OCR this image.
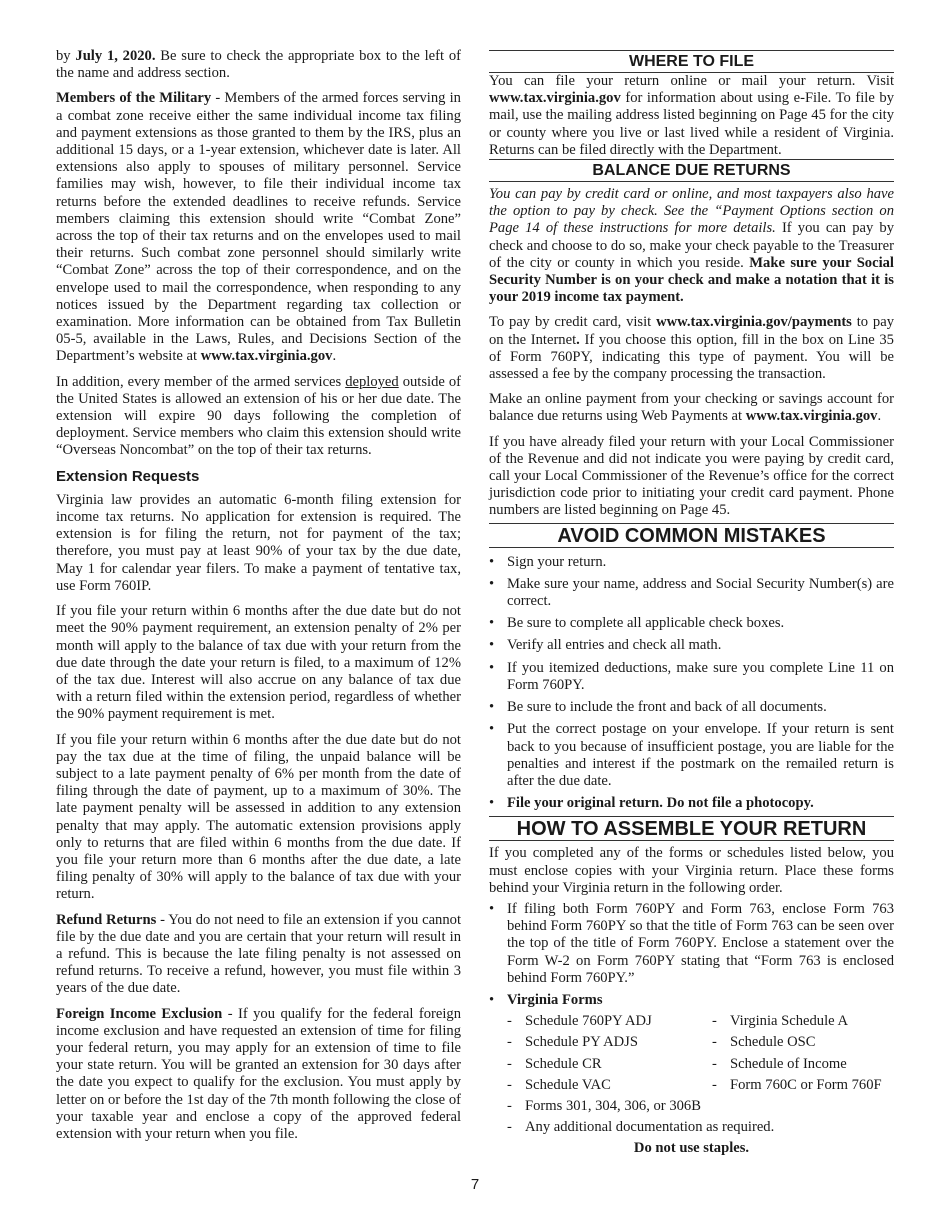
by July 1, 2020. Be sure to check the appropriate box to the left of the name and address section.

Members of the Military - Members of the armed forces serving in a combat zone receive either the same individual income tax filing and payment extensions as those granted to them by the IRS, plus an additional 15 days, or a 1-year extension, whichever date is later. All extensions also apply to spouses of military personnel. Service families may wish, however, to file their individual income tax returns before the extended deadlines to receive refunds. Service members claiming this extension should write “Combat Zone” across the top of their tax returns and on the envelopes used to mail their returns. Such combat zone personnel should similarly write “Combat Zone” across the top of their correspondence, and on the envelope used to mail the correspondence, when responding to any notices issued by the Department regarding tax collection or examination. More information can be obtained from Tax Bulletin 05-5, available in the Laws, Rules, and Decisions Section of the Department’s website at www.tax.virginia.gov.

In addition, every member of the armed services deployed outside of the United States is allowed an extension of his or her due date. The extension will expire 90 days following the completion of deployment. Service members who claim this extension should write “Overseas Noncombat” on the top of their tax returns.

Extension Requests

Virginia law provides an automatic 6-month filing extension for income tax returns. No application for extension is required. The extension is for filing the return, not for payment of the tax; therefore, you must pay at least 90% of your tax by the due date, May 1 for calendar year filers. To make a payment of tentative tax, use Form 760IP.

If you file your return within 6 months after the due date but do not meet the 90% payment requirement, an extension penalty of 2% per month will apply to the balance of tax due with your return from the due date through the date your return is filed, to a maximum of 12% of the tax due. Interest will also accrue on any balance of tax due with a return filed within the extension period, regardless of whether the 90% payment requirement is met.

If you file your return within 6 months after the due date but do not pay the tax due at the time of filing, the unpaid balance will be subject to a late payment penalty of 6% per month from the date of filing through the date of payment, up to a maximum of 30%. The late payment penalty will be assessed in addition to any extension penalty that may apply. The automatic extension provisions apply only to returns that are filed within 6 months from the due date. If you file your return more than 6 months after the due date, a late filing penalty of 30% will apply to the balance of tax due with your return.

Refund Returns - You do not need to file an extension if you cannot file by the due date and you are certain that your return will result in a refund. This is because the late filing penalty is not assessed on refund returns. To receive a refund, however, you must file within 3 years of the due date.

Foreign Income Exclusion - If you qualify for the federal foreign income exclusion and have requested an extension of time for filing your federal return, you may apply for an extension of time to file your state return. You will be granted an extension for 30 days after the date you expect to qualify for the exclusion. You must apply by letter on or before the 1st day of the 7th month following the close of your taxable year and enclose a copy of the approved federal extension with your return when you file.

WHERE TO FILE

You can file your return online or mail your return. Visit www.tax.virginia.gov for information about using e-File. To file by mail, use the mailing address listed beginning on Page 45 for the city or county where you live or last lived while a resident of Virginia. Returns can be filed directly with the Department.

BALANCE DUE RETURNS

You can pay by credit card or online, and most taxpayers also have the option to pay by check. See the “Payment Options section on Page 14 of these instructions for more details. If you can pay by check and choose to do so, make your check payable to the Treasurer of the city or county in which you reside. Make sure your Social Security Number is on your check and make a notation that it is your 2019 income tax payment.

To pay by credit card, visit www.tax.virginia.gov/payments to pay on the Internet. If you choose this option, fill in the box on Line 35 of Form 760PY, indicating this type of payment. You will be assessed a fee by the company processing the transaction.

Make an online payment from your checking or savings account for balance due returns using Web Payments at www.tax.virginia.gov.

If you have already filed your return with your Local Commissioner of the Revenue and did not indicate you were paying by credit card, call your Local Commissioner of the Revenue’s office for the correct jurisdiction code prior to initiating your credit card payment. Phone numbers are listed beginning on Page 45.

AVOID COMMON MISTAKES
• Sign your return.
• Make sure your name, address and Social Security Number(s) are correct.
• Be sure to complete all applicable check boxes.
• Verify all entries and check all math.
• If you itemized deductions, make sure you complete Line 11 on Form 760PY.
• Be sure to include the front and back of all documents.
• Put the correct postage on your envelope. If your return is sent back to you because of insufficient postage, you are liable for the penalties and interest if the postmark on the remailed return is after the due date.
• File your original return. Do not file a photocopy.
HOW TO ASSEMBLE YOUR RETURN

If you completed any of the forms or schedules listed below, you must enclose copies with your Virginia return. Place these forms behind your Virginia return in the following order.

• If filing both Form 760PY and Form 763, enclose Form 763 behind Form 760PY so that the title of Form 763 can be seen over the top of the title of Form 760PY. Enclose a statement over the Form W-2 on Form 760PY stating that “Form 763 is enclosed behind Form 760PY.”
• Virginia Forms
- Schedule 760PY ADJ	- Virginia Schedule A
- Schedule PY ADJS	- Schedule OSC
- Schedule CR	- Schedule of Income
- Schedule VAC	- Form 760C or Form 760F
- Forms 301, 304, 306, or 306B
- Any additional documentation as required.
Do not use staples.
7
